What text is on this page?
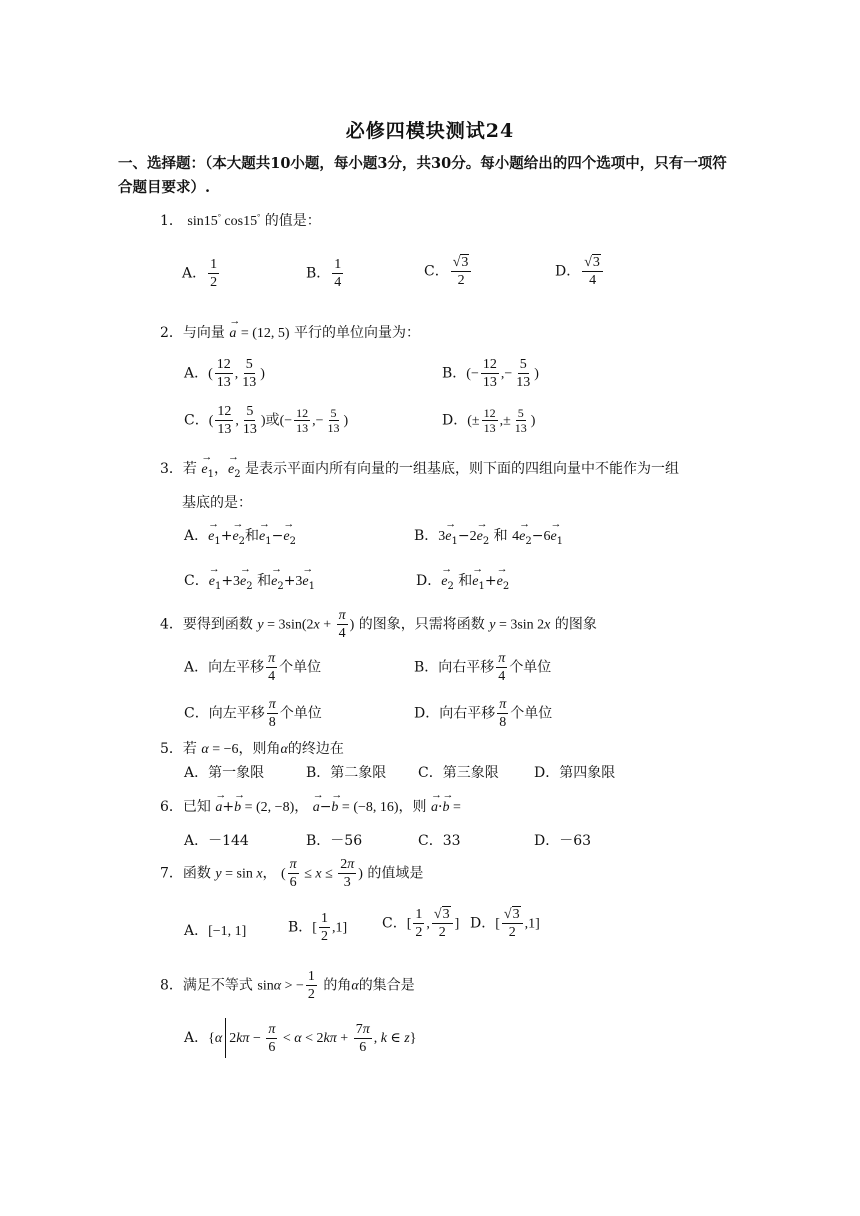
必修四模块测试24
一、选择题：（本大题共10小题，每小题3分，共30分。每小题给出的四个选项中，只有一项符合题目要求）.
1． sin15° cos15° 的值是：
A． $\frac{1}{2}$	B． $\frac{1}{4}$	C． $\frac{√3}{2}$	D． $\frac{√3}{4}$
2．与向量 → a = (12, 5) 平行的单位向量为：
A．( $\frac{12}{13}$ , $\frac{5}{13}$ )	B．(− $\frac{12}{13}$ ,− $\frac{5}{13}$ )
C．( $\frac{12}{13}$ , $\frac{5}{13}$ )或(− $\frac{12}{13}$ ,− $\frac{5}{13}$ )	D．(± $\frac{12}{13}$ ,± $\frac{5}{13}$ )
3．若 → $e_1$，→ $e_2$ 是表示平面内所有向量的一组基底，则下面的四组向量中不能作为一组
基底的是：
A．→ $e_1+\to e_2$和→ $e_1-\to e_2$	B．$3\to e_1-2\to e_2$ 和 $4\to e_2-6\to e_1$
C．→ $e_1+3\to e_2$ 和→ $e_2+3\to e_1$	D．→ $e_2$ 和→ $e_1+\to e_2$
4．要得到函数 $y = 3\sin(2x + \frac{\pi}{4}$ ) 的图象，只需将函数 y = 3sin 2x 的图象
A．向左平移 $\frac{\pi}{4}$ 个单位	B．向右平移 $\frac{\pi}{4}$ 个单位
C．向左平移 $\frac{\pi}{8}$ 个单位	D．向右平移 $\frac{\pi}{8}$ 个单位
5．若 α = −6，则角α的终边在
A．第一象限	B．第二象限 C．第三象限	D．第四象限
6．已知 → a+→ b = (2, −8)， → a−→ b = (−8, 16)，则 → a·→ b =
A．－144	B．－56	C．33	D．－63
7．函数 y = sin x， ( $\frac{\pi}{6} \le x \le \frac{2\pi}{3}$ ) 的值域是
A．[−1, 1]	B．[ $\frac{1}{2} ,1$] C．[ $\frac{1}{2}$ , $\frac{√3}{2}$ ] D．[ $\frac{√3}{2} ,1$]
8．满足不等式 sinα > − $\frac{1}{2}$ 的角α的集合是
A．{α $2k\pi - \frac{\pi}{6} < \alpha < 2k\pi + \frac{7\pi}{6}$ , k ∈ z}
